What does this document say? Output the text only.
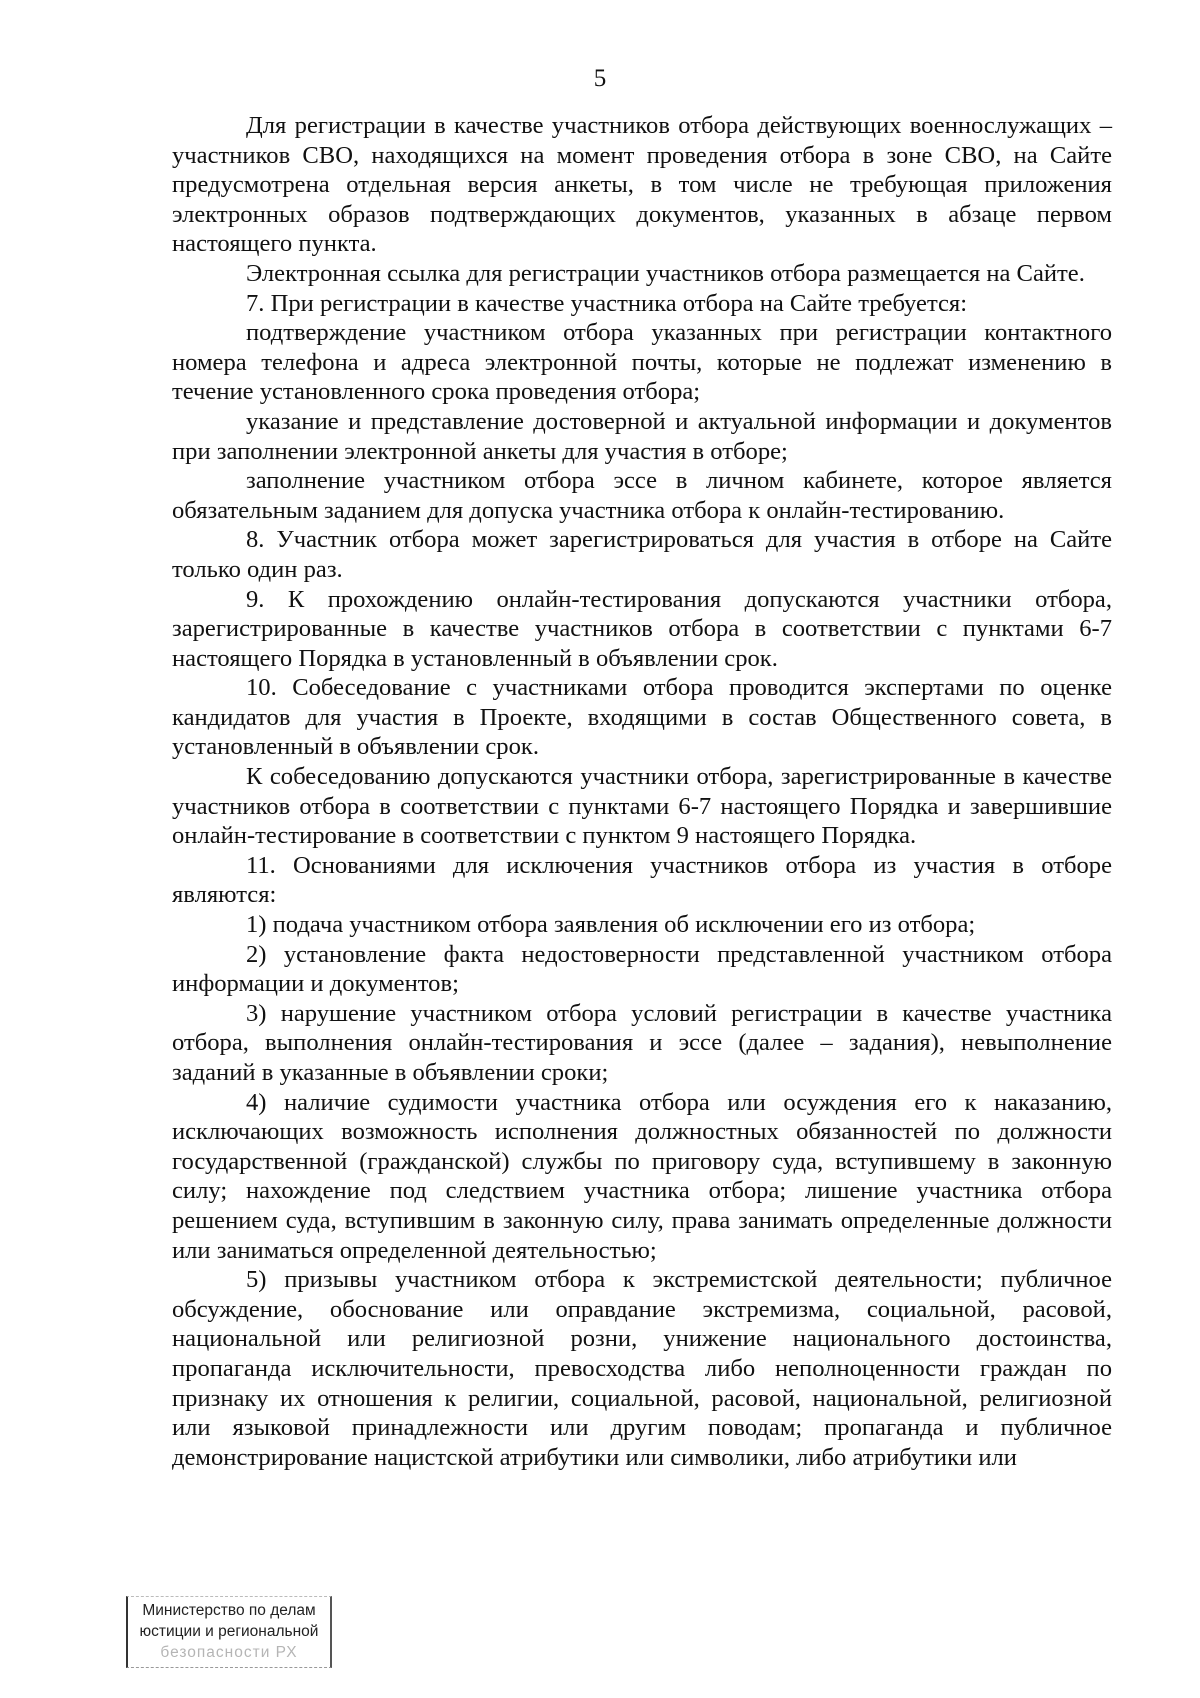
5

Для регистрации в качестве участников отбора действующих военнослужащих – участников СВО, находящихся на момент проведения отбора в зоне СВО, на Сайте предусмотрена отдельная версия анкеты, в том числе не требующая приложения электронных образов подтверждающих документов, указанных в абзаце первом настоящего пункта.

Электронная ссылка для регистрации участников отбора размещается на Сайте.

7. При регистрации в качестве участника отбора на Сайте требуется:

подтверждение участником отбора указанных при регистрации контактного номера телефона и адреса электронной почты, которые не подлежат изменению в течение установленного срока проведения отбора;

указание и представление достоверной и актуальной информации и документов при заполнении электронной анкеты для участия в отборе;

заполнение участником отбора эссе в личном кабинете, которое является обязательным заданием для допуска участника отбора к онлайн-тестированию.

8. Участник отбора может зарегистрироваться для участия в отборе на Сайте только один раз.

9. К прохождению онлайн-тестирования допускаются участники отбора, зарегистрированные в качестве участников отбора в соответствии с пунктами 6-7 настоящего Порядка в установленный в объявлении срок.

10. Собеседование с участниками отбора проводится экспертами по оценке кандидатов для участия в Проекте, входящими в состав Общественного совета, в установленный в объявлении срок.

К собеседованию допускаются участники отбора, зарегистрированные в качестве участников отбора в соответствии с пунктами 6-7 настоящего Порядка и завершившие онлайн-тестирование в соответствии с пунктом 9 настоящего Порядка.

11. Основаниями для исключения участников отбора из участия в отборе являются:

1) подача участником отбора заявления об исключении его из отбора;

2) установление факта недостоверности представленной участником отбора информации и документов;

3) нарушение участником отбора условий регистрации в качестве участника отбора, выполнения онлайн-тестирования и эссе (далее – задания), невыполнение заданий в указанные в объявлении сроки;

4) наличие судимости участника отбора или осуждения его к наказанию, исключающих возможность исполнения должностных обязанностей по должности государственной (гражданской) службы по приговору суда, вступившему в законную силу; нахождение под следствием участника отбора; лишение участника отбора решением суда, вступившим в законную силу, права занимать определенные должности или заниматься определенной деятельностью;

5) призывы участником отбора к экстремистской деятельности; публичное обсуждение, обоснование или оправдание экстремизма, социальной, расовой, национальной или религиозной розни, унижение национального достоинства, пропаганда исключительности, превосходства либо неполноценности граждан по признаку их отношения к религии, социальной, расовой, национальной, религиозной или языковой принадлежности или другим поводам; пропаганда и публичное демонстрирование нацистской атрибутики или символики, либо атрибутики или

Министерство по делам
юстиции и региональной
безопасности РХ
